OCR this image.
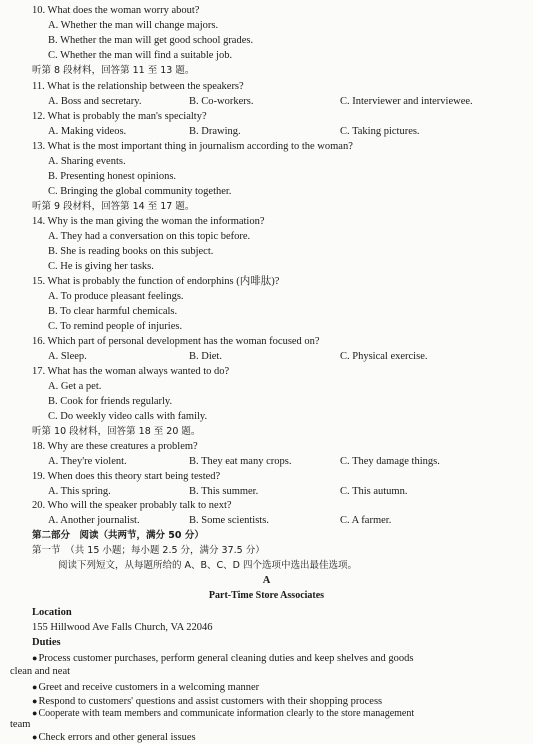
10. What does the woman worry about?
A. Whether the man will change majors.
B. Whether the man will get good school grades.
C. Whether the man will find a suitable job.
听第 8 段材料，回答第 11 至 13 题。
11. What is the relationship between the speakers?
A. Boss and secretary.	B. Co-workers.	C. Interviewer and interviewee.
12. What is probably the man's specialty?
A. Making videos.	B. Drawing.	C. Taking pictures.
13. What is the most important thing in journalism according to the woman?
A. Sharing events.
B. Presenting honest opinions.
C. Bringing the global community together.
听第 9 段材料，回答第 14 至 17 题。
14. Why is the man giving the woman the information?
A. They had a conversation on this topic before.
B. She is reading books on this subject.
C. He is giving her tasks.
15. What is probably the function of endorphins (内啡肽)?
A. To produce pleasant feelings.
B. To clear harmful chemicals.
C. To remind people of injuries.
16. Which part of personal development has the woman focused on?
A. Sleep.	B. Diet.	C. Physical exercise.
17. What has the woman always wanted to do?
A. Get a pet.
B. Cook for friends regularly.
C. Do weekly video calls with family.
听第 10 段材料，回答第 18 至 20 题。
18. Why are these creatures a problem?
A. They're violent.	B. They eat many crops.	C. They damage things.
19. When does this theory start being tested?
A. This spring.	B. This summer.	C. This autumn.
20. Who will the speaker probably talk to next?
A. Another journalist.	B. Some scientists.	C. A farmer.
第二部分　阅读（共两节，满分 50 分）
第一节　（共 15 小题；每小题 2.5 分，满分 37.5 分）
阅读下列短文，从每题所给的 A、B、C、D 四个选项中选出最佳选项。
A
Part-Time Store Associates
Location
155 Hillwood Ave Falls Church, VA 22046
Duties
● Process customer purchases, perform general cleaning duties and keep shelves and goods
clean and neat
● Greet and receive customers in a welcoming manner
● Respond to customers' questions and assist customers with their shopping process
● Cooperate with team members and communicate information clearly to the store management
team
● Check errors and other general issues
